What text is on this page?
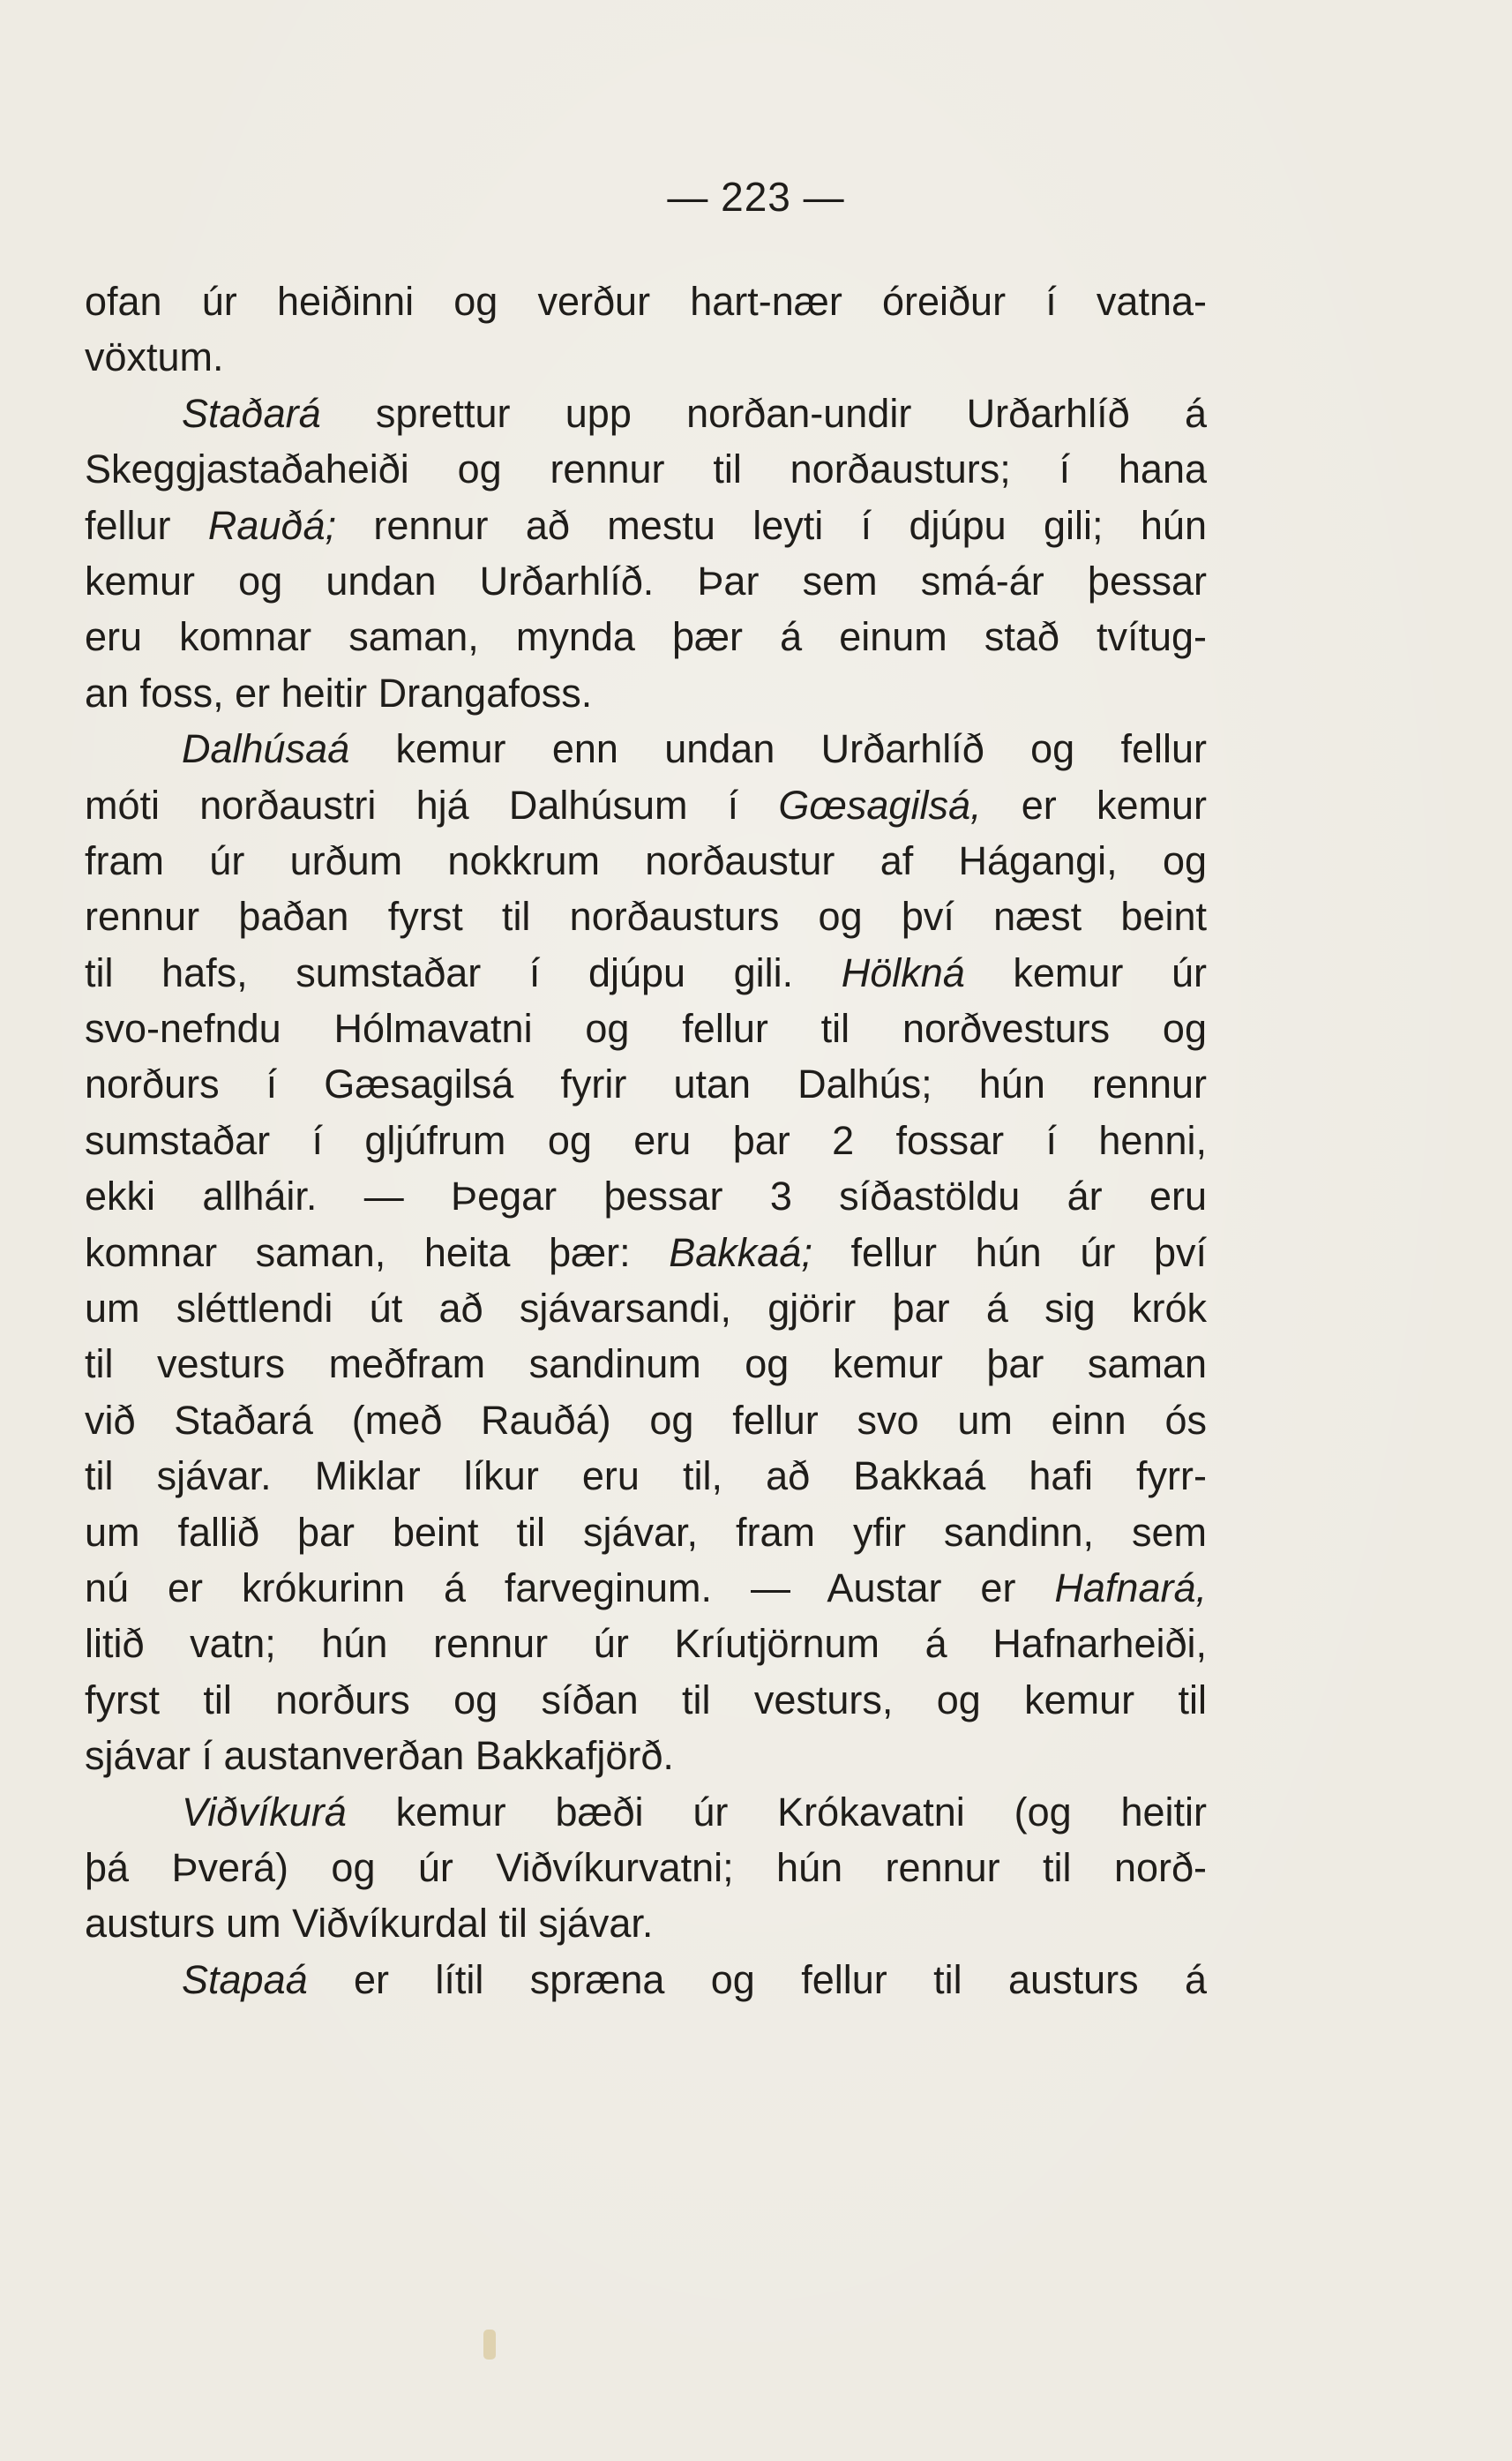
— 223 —
ofan úr heiðinni og verður hart-nær óreiður í vatna-
vöxtum.
Staðará sprettur upp norðan-undir Urðarhlíð á
Skeggjastaðaheiði og rennur til norðausturs; í hana
fellur Rauðá; rennur að mestu leyti í djúpu gili; hún
kemur og undan Urðarhlíð. Þar sem smá-ár þessar
eru komnar saman, mynda þær á einum stað tvítug-
an foss, er heitir Drangafoss.
Dalhúsaá kemur enn undan Urðarhlíð og fellur
móti norðaustri hjá Dalhúsum í Gœsagilsá, er kemur
fram úr urðum nokkrum norðaustur af Hágangi, og
rennur þaðan fyrst til norðausturs og því næst beint
til hafs, sumstaðar í djúpu gili. Hölkná kemur úr
svo-nefndu Hólmavatni og fellur til norðvesturs og
norðurs í Gæsagilsá fyrir utan Dalhús; hún rennur
sumstaðar í gljúfrum og eru þar 2 fossar í henni,
ekki allháir. — Þegar þessar 3 síðastöldu ár eru
komnar saman, heita þær: Bakkaá; fellur hún úr því
um sléttlendi út að sjávarsandi, gjörir þar á sig krók
til vesturs meðfram sandinum og kemur þar saman
við Staðará (með Rauðá) og fellur svo um einn ós
til sjávar. Miklar líkur eru til, að Bakkaá hafi fyrr-
um fallið þar beint til sjávar, fram yfir sandinn, sem
nú er krókurinn á farveginum. — Austar er Hafnará,
litið vatn; hún rennur úr Kríutjörnum á Hafnarheiði,
fyrst til norðurs og síðan til vesturs, og kemur til
sjávar í austanverðan Bakkafjörð.
Viðvíkurá kemur bæði úr Krókavatni (og heitir
þá Þverá) og úr Viðvíkurvatni; hún rennur til norð-
austurs um Viðvíkurdal til sjávar.
Stapaá er lítil spræna og fellur til austurs á
